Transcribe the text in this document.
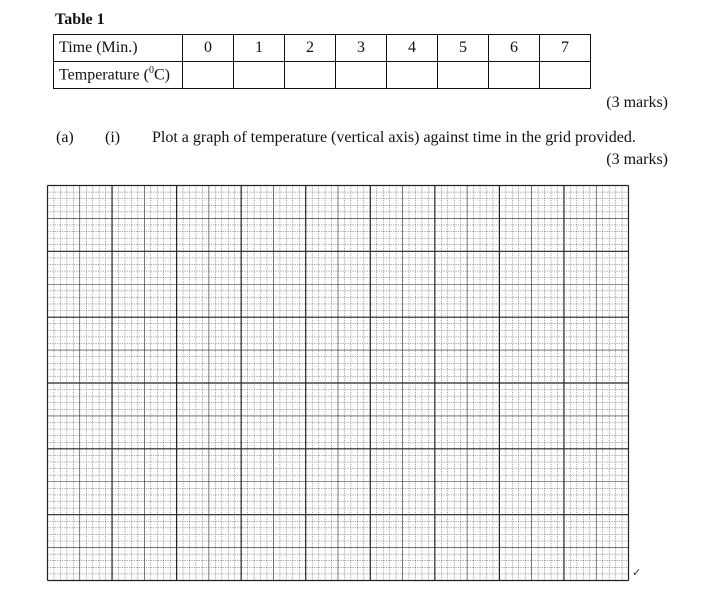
Table 1
Time (Min.)	0	1	2	3	4	5	6	7
Temperature ($^0$C)								
(3 marks)
(a) (i) Plot a graph of temperature (vertical axis) against time in the grid provided.
(3 marks)
✓
